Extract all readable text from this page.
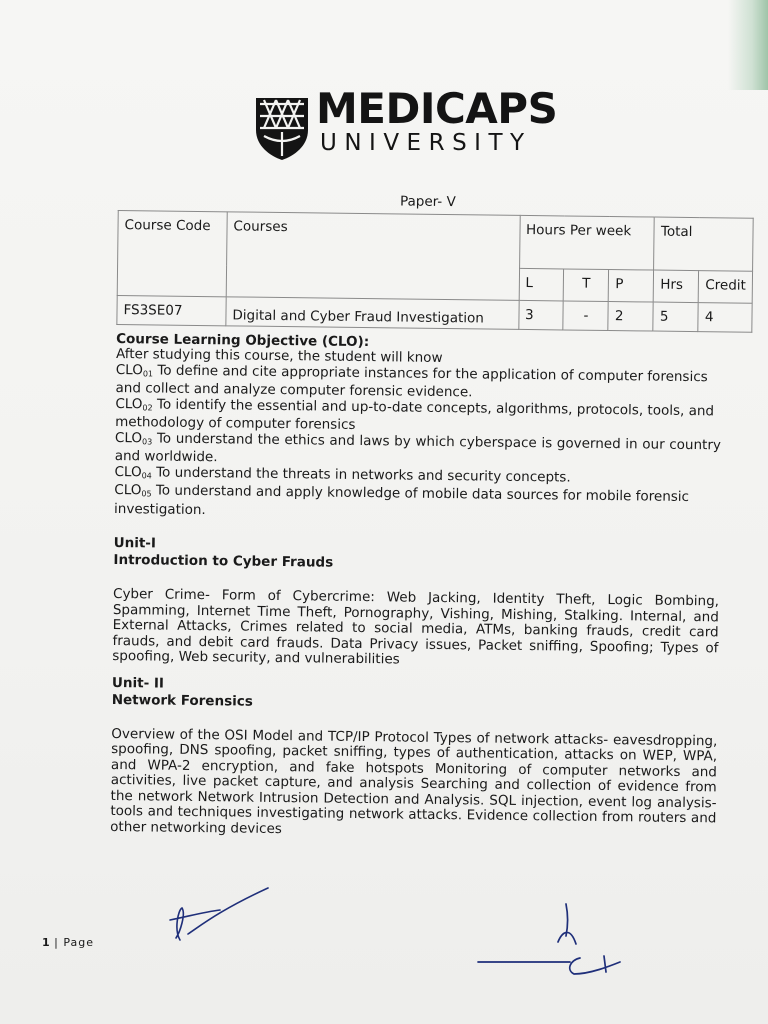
MEDICAPS
UNIVERSITY
Paper- V
Course Code	Courses	Hours Per week			Total	
		L	T	P	Hrs	Credit
FS3SE07	Digital and Cyber Fraud Investigation	3	-	2	5	4
Course Learning Objective (CLO):

After studying this course, the student will know

$CLO_{01}$ To define and cite appropriate instances for the application of computer forensics and collect and analyze computer forensic evidence.

$CLO_{02}$ To identify the essential and up-to-date concepts, algorithms, protocols, tools, and methodology of computer forensics

$CLO_{03}$ To understand the ethics and laws by which cyberspace is governed in our country and worldwide.

$CLO_{04}$ To understand the threats in networks and security concepts.

$CLO_{05}$ To understand and apply knowledge of mobile data sources for mobile forensic investigation.

Unit-I
Introduction to Cyber Frauds
Cyber Crime- Form of Cybercrime: Web Jacking, Identity Theft, Logic Bombing, Spamming, Internet Time Theft, Pornography, Vishing, Mishing, Stalking. Internal, and External Attacks, Crimes related to social media, ATMs, banking frauds, credit card frauds, and debit card frauds. Data Privacy issues, Packet sniffing, Spoofing; Types of spoofing, Web security, and vulnerabilities
Unit- II
Network Forensics
Overview of the OSI Model and TCP/IP Protocol Types of network attacks- eavesdropping, spoofing, DNS spoofing, packet sniffing, types of authentication, attacks on WEP, WPA, and WPA-2 encryption, and fake hotspots Monitoring of computer networks and activities, live packet capture, and analysis Searching and collection of evidence from the network Network Intrusion Detection and Analysis. SQL injection, event log analysis- tools and techniques investigating network attacks. Evidence collection from routers and other networking devices
1 | Page
